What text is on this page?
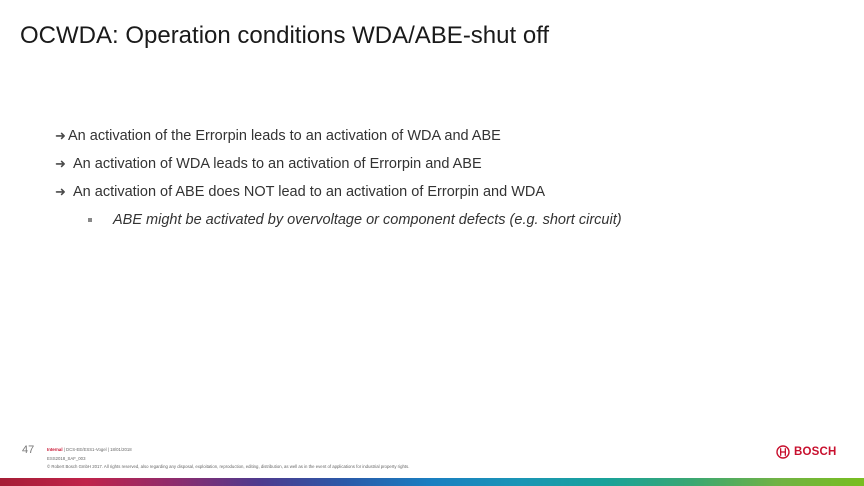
OCWDA: Operation conditions WDA/ABE-shut off
➜ An activation of the Errorpin leads to an activation of WDA and ABE
➜ An activation of WDA leads to an activation of Errorpin and ABE
➜ An activation of ABE does NOT lead to an activation of Errorpin and WDA
ABE might be activated by overvoltage or component defects (e.g. short circuit)
47	Internal | DCS-EE/ESS1-Vogel | 18/01/2018
ESS2018_SAF_003
© Robert Bosch GmbH 2017. All rights reserved, also regarding any disposal, exploitation, reproduction, editing, distribution, as well as in the event of applications for industrial property rights.
BOSCH
